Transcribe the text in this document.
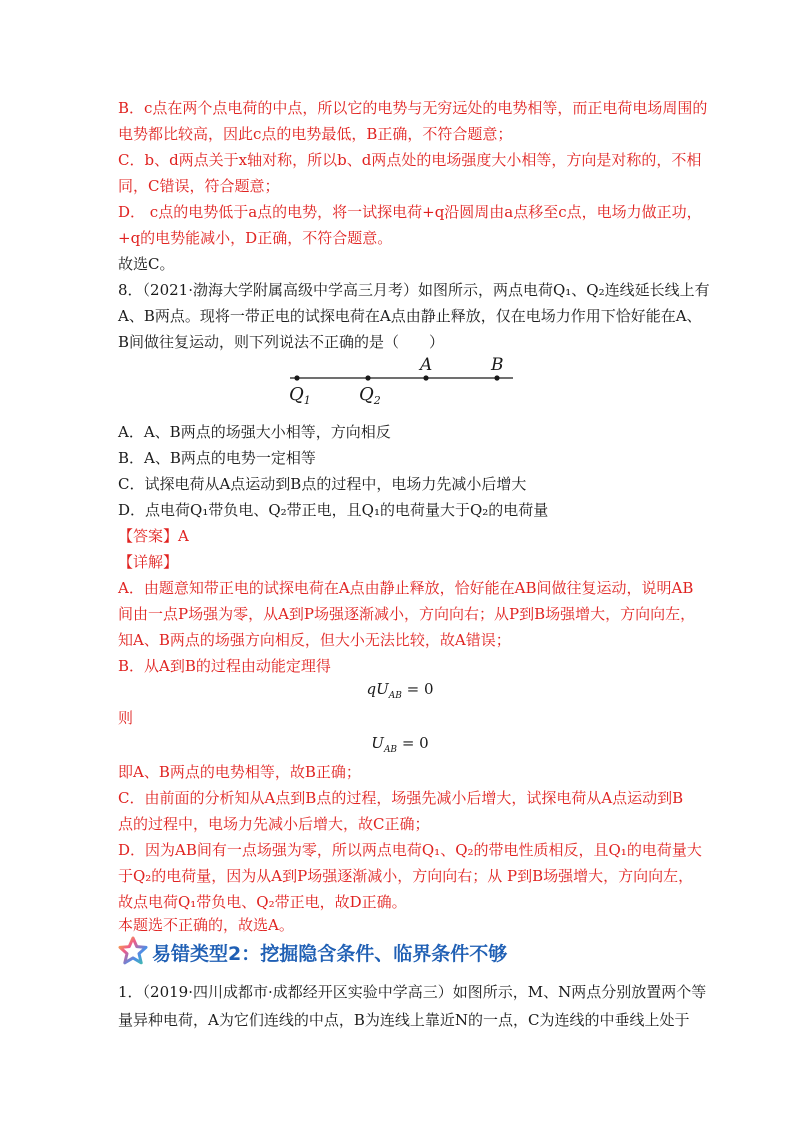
B．c点在两个点电荷的中点，所以它的电势与无穷远处的电势相等，而正电荷电场周围的
电势都比较高，因此c点的电势最低，B正确，不符合题意；
C．b、d两点关于x轴对称，所以b、d两点处的电场强度大小相等，方向是对称的，不相
同，C错误，符合题意；
D． c点的电势低于a点的电势，将一试探电荷+q沿圆周由a点移至c点，电场力做正功，
+q的电势能减小，D正确，不符合题意。
故选C。
8．（2021·渤海大学附属高级中学高三月考）如图所示，两点电荷Q₁、Q₂连线延长线上有
A、B两点。现将一带正电的试探电荷在A点由静止释放，仅在电场力作用下恰好能在A、
B间做往复运动，则下列说法不正确的是（　　）
$Q_1$	$Q_2$
A	B
A．A、B两点的场强大小相等，方向相反
B．A、B两点的电势一定相等
C．试探电荷从A点运动到B点的过程中，电场力先减小后增大
D．点电荷Q₁带负电、Q₂带正电，且Q₁的电荷量大于Q₂的电荷量
【答案】A
【详解】
A．由题意知带正电的试探电荷在A点由静止释放，恰好能在AB间做往复运动，说明AB
间由一点P场强为零，从A到P场强逐渐减小，方向向右；从P到B场强增大，方向向左，
知A、B两点的场强方向相反，但大小无法比较，故A错误；
B．从A到B的过程由动能定理得
$qU_{AB} = 0$
则
$U_{AB} = 0$
即A、B两点的电势相等，故B正确；
C．由前面的分析知从A点到B点的过程，场强先减小后增大，试探电荷从A点运动到B
点的过程中，电场力先减小后增大，故C正确；
D．因为AB间有一点场强为零，所以两点电荷Q₁、Q₂的带电性质相反，且Q₁的电荷量大
于Q₂的电荷量，因为从A到P场强逐渐减小，方向向右；从 P到B场强增大，方向向左，
故点电荷Q₁带负电、Q₂带正电，故D正确。
本题选不正确的，故选A。
易错类型2：挖掘隐含条件、临界条件不够
1．（2019·四川成都市·成都经开区实验中学高三）如图所示，M、N两点分别放置两个等
量异种电荷，A为它们连线的中点，B为连线上靠近N的一点，C为连线的中垂线上处于
